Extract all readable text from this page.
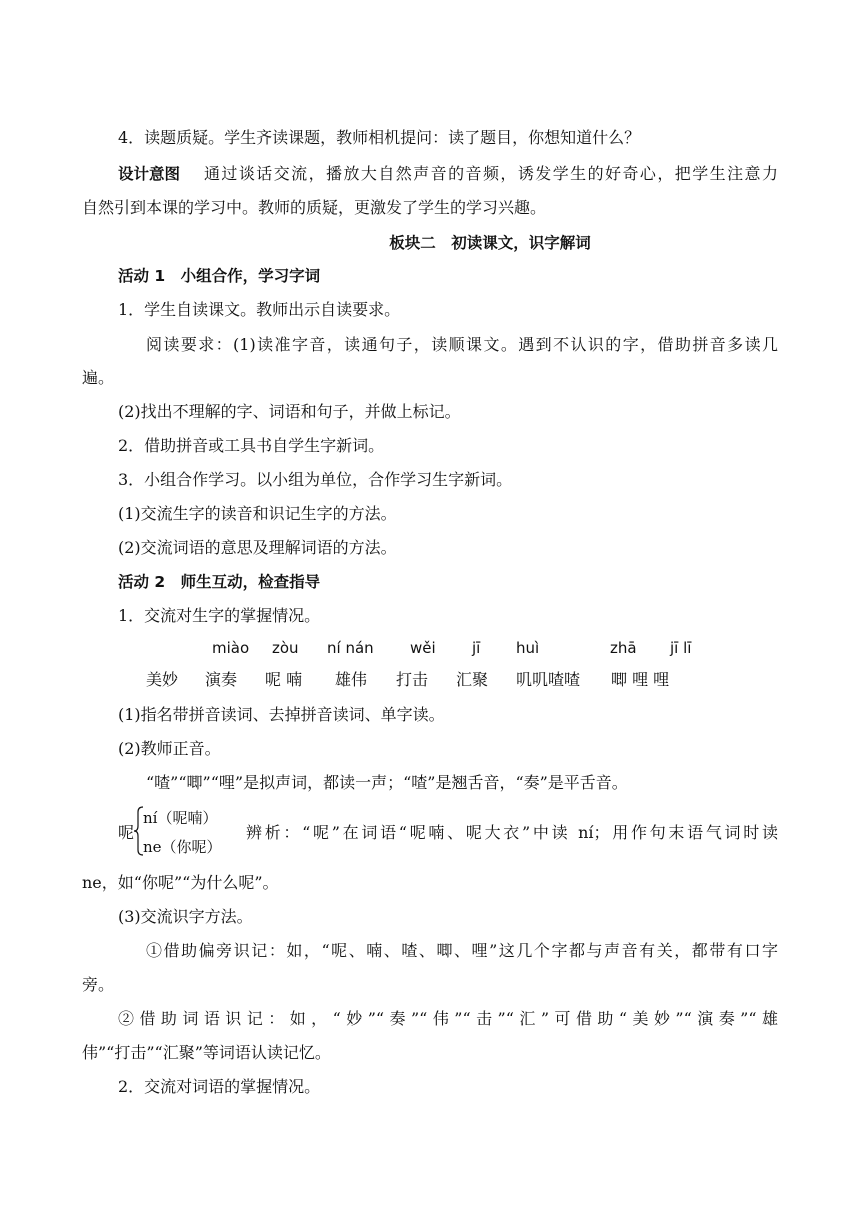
4．读题质疑。学生齐读课题，教师相机提问：读了题目，你想知道什么？
设计意图 通过谈话交流，播放大自然声音的音频，诱发学生的好奇心，把学生注意力
自然引到本课的学习中。教师的质疑，更激发了学生的学习兴趣。
板块二　初读课文，识字解词
活动 1　小组合作，学习字词
1．学生自读课文。教师出示自读要求。
阅读要求：(1)读准字音，读通句子，读顺课文。遇到不认识的字，借助拼音多读几
遍。
(2)找出不理解的字、词语和句子，并做上标记。
2．借助拼音或工具书自学生字新词。
3．小组合作学习。以小组为单位，合作学习生字新词。
(1)交流生字的读音和识记生字的方法。
(2)交流词语的意思及理解词语的方法。
活动 2　师生互动，检查指导
1．交流对生字的掌握情况。
miào zòu ní nán wěi jī huì	zhā jī lī
美妙 演奏 呢 喃 雄伟 打击 汇聚 叽叽喳喳 唧 哩 哩
(1)指名带拼音读词、去掉拼音读词、单字读。
(2)教师正音。
“喳”“唧”“哩”是拟声词，都读一声；“喳”是翘舌音，“奏”是平舌音。
呢
ní（呢喃）
ne（你呢）
辨析：“呢”在词语“呢喃、呢大衣”中读 ní；用作句末语气词时读
ne，如“你呢”“为什么呢”。
(3)交流识字方法。
①借助偏旁识记：如，“呢、喃、喳、唧、哩”这几个字都与声音有关，都带有口字
旁。
②借助词语识记：如，“妙”“奏”“伟”“击”“汇”可借助“美妙”“演奏”“雄
伟”“打击”“汇聚”等词语认读记忆。
2．交流对词语的掌握情况。
